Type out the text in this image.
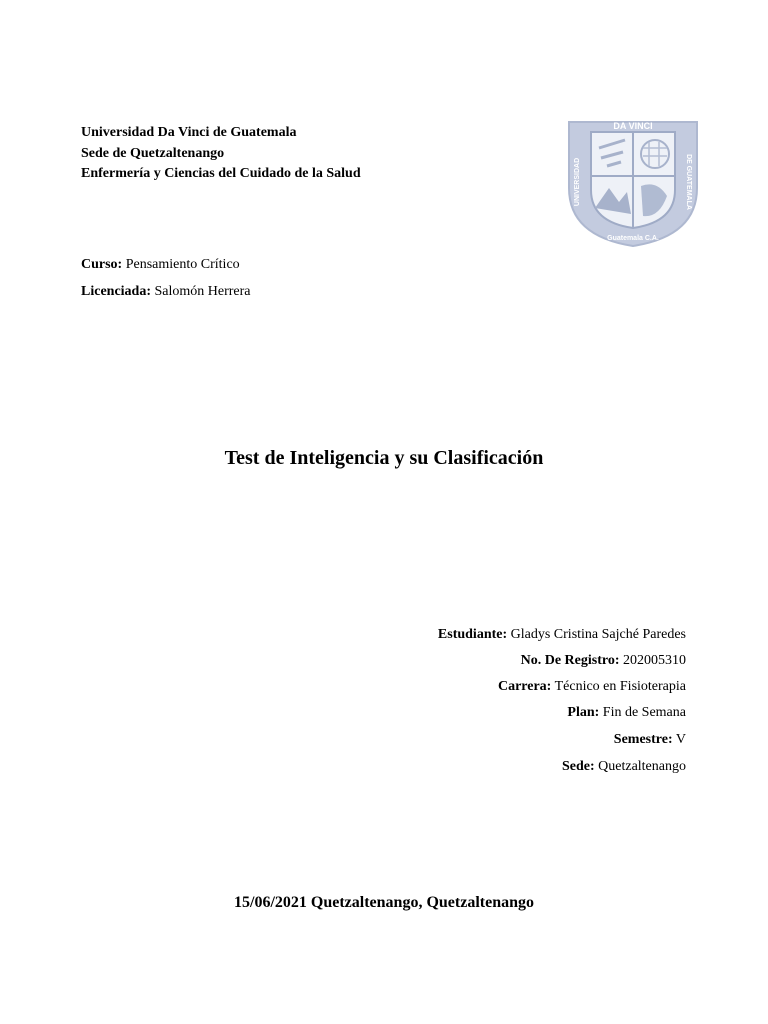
Universidad Da Vinci de Guatemala
Sede de Quetzaltenango
Enfermería y Ciencias del Cuidado de la Salud
DA VINCI
UNIVERSIDAD	DE GUATEMALA
Guatemala C.A.
Curso: Pensamiento Crítico
Licenciada: Salomón Herrera
Test de Inteligencia y su Clasificación
Estudiante: Gladys Cristina Sajché Paredes
No. De Registro: 202005310
Carrera: Técnico en Fisioterapia
Plan: Fin de Semana
Semestre: V
Sede: Quetzaltenango
15/06/2021 Quetzaltenango, Quetzaltenango
